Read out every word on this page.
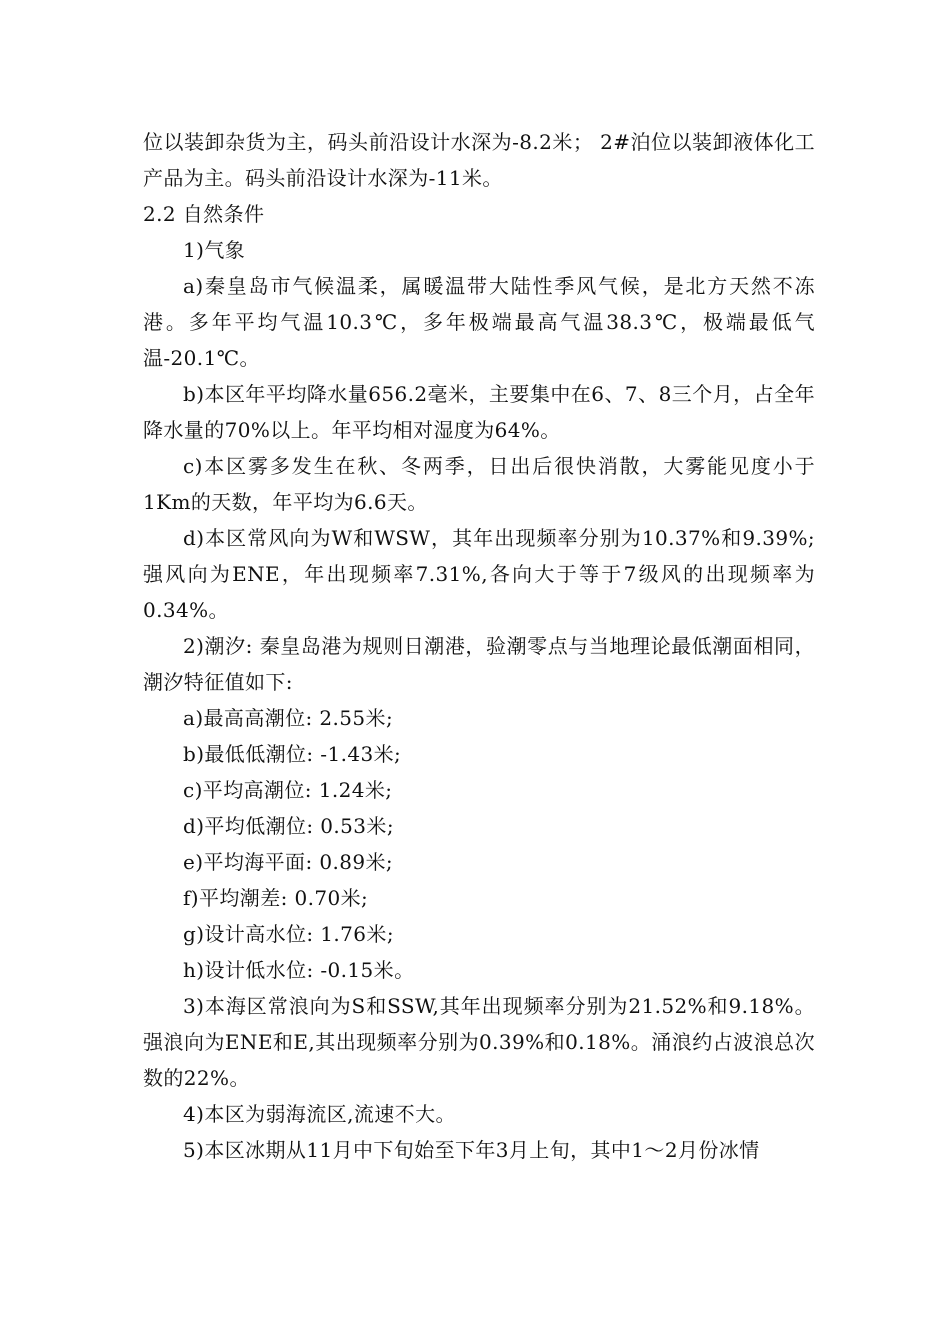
位以装卸杂货为主，码头前沿设计水深为-8.2米； 2#泊位以装卸液体化工产品为主。码头前沿设计水深为-11米。

2.2 自然条件

1)气象

a)秦皇岛市气候温柔，属暖温带大陆性季风气候，是北方天然不冻港。多年平均气温10.3℃，多年极端最高气温38.3℃，极端最低气温-20.1℃。

b)本区年平均降水量656.2毫米，主要集中在6、7、8三个月，占全年降水量的70%以上。年平均相对湿度为64%。

c)本区雾多发生在秋、冬两季，日出后很快消散，大雾能见度小于1Km的天数，年平均为6.6天。

d)本区常风向为W和WSW，其年出现频率分别为10.37%和9.39%; 强风向为ENE，年出现频率7.31%,各向大于等于7级风的出现频率为0.34%。

2)潮汐: 秦皇岛港为规则日潮港，验潮零点与当地理论最低潮面相同，潮汐特征值如下:

a)最高高潮位: 2.55米;

b)最低低潮位: -1.43米;

c)平均高潮位: 1.24米;

d)平均低潮位: 0.53米;

e)平均海平面: 0.89米;

f)平均潮差: 0.70米;

g)设计高水位: 1.76米;

h)设计低水位: -0.15米。

3)本海区常浪向为S和SSW,其年出现频率分别为21.52%和9.18%。强浪向为ENE和E,其出现频率分别为0.39%和0.18%。涌浪约占波浪总次数的22%。

4)本区为弱海流区,流速不大。

5)本区冰期从11月中下旬始至下年3月上旬，其中1～2月份冰情
